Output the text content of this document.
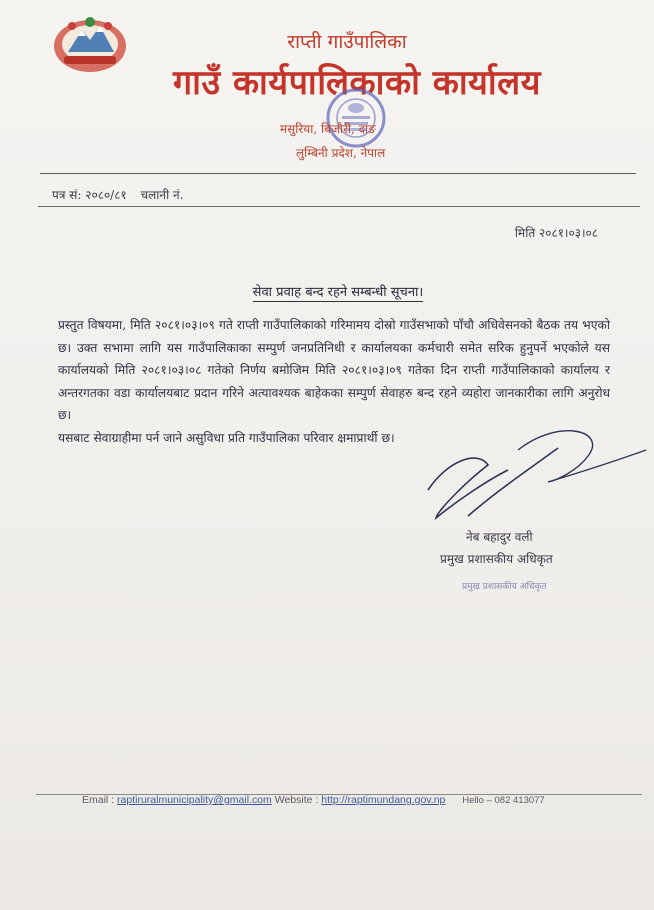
राप्ती गाउँपालिका
गाउँ कार्यपालिकाको कार्यालय
मसुरिया, बिजौरी, दाङ
लुम्बिनी प्रदेश, नेपाल
पत्र सं: २०८०/८१ चलानी नं.
मिति २०८१।०३।०८
सेवा प्रवाह बन्द रहने सम्बन्धी सूचना।

प्रस्तुत विषयमा, मिति २०८१।०३।०९ गते राप्ती गाउँपालिकाको गरिमामय दोस्रो गाउँसभाको पाँचौ अधिवेसनको बैठक तय भएको छ। उक्त सभामा लागि यस गाउँपालिकाका सम्पुर्ण जनप्रतिनिधी र कार्यालयका कर्मचारी समेत सरिक हुनुपर्ने भएकोले यस कार्यालयको मिति २०८१।०३।०८ गतेको निर्णय बमोजिम मिति २०८१।०३।०९ गतेका दिन राप्ती गाउँपालिकाको कार्यालय र अन्तरगतका वडा कार्यालयबाट प्रदान गरिने अत्यावश्यक बाहेकका सम्पुर्ण सेवाहरु बन्द रहने व्यहोरा जानकारीका लागि अनुरोध छ।

यसबाट सेवाग्राहीमा पर्न जाने असुविधा प्रति गाउँपालिका परिवार क्षमाप्रार्थी छ।

नेब बहादुर वली
प्रमुख प्रशासकीय अधिकृत
प्रमुख प्रशासकीय अधिकृत
Email : raptiruralmunicipality@gmail.com Website : http://raptimundang.gov.np Hello – 082 413077
